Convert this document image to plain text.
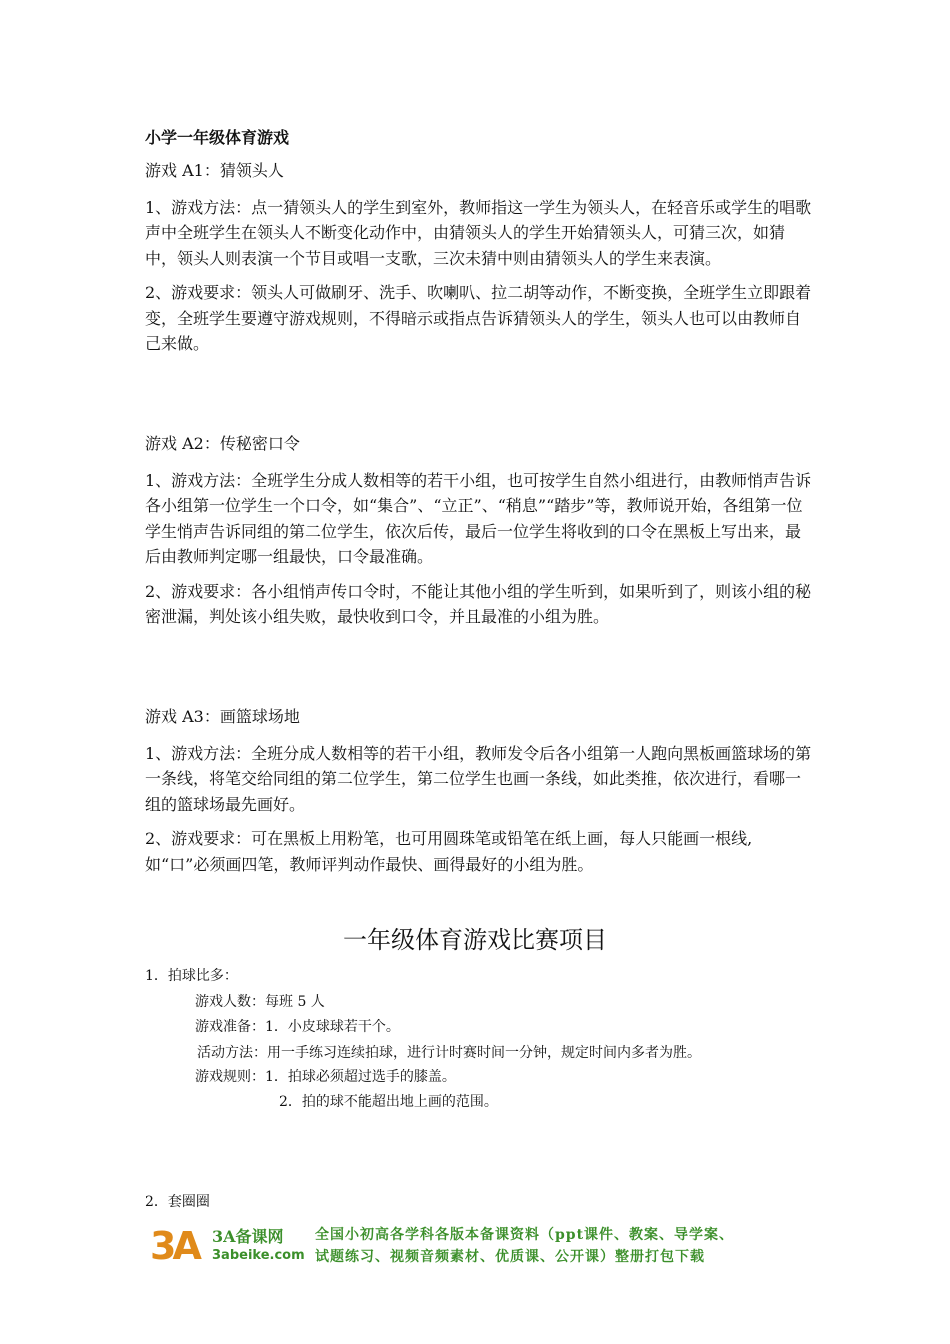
小学一年级体育游戏

游戏 A1：猜领头人

1、游戏方法：点一猜领头人的学生到室外，教师指这一学生为领头人，在轻音乐或学生的唱歌声中全班学生在领头人不断变化动作中，由猜领头人的学生开始猜领头人，可猜三次，如猜中，领头人则表演一个节目或唱一支歌，三次未猜中则由猜领头人的学生来表演。

2、游戏要求：领头人可做刷牙、洗手、吹喇叭、拉二胡等动作，不断变换，全班学生立即跟着变，全班学生要遵守游戏规则，不得暗示或指点告诉猜领头人的学生，领头人也可以由教师自己来做。

游戏 A2：传秘密口令

1、游戏方法：全班学生分成人数相等的若干小组，也可按学生自然小组进行，由教师悄声告诉各小组第一位学生一个口令，如“集合”、“立正”、“稍息”“踏步”等，教师说开始，各组第一位学生悄声告诉同组的第二位学生，依次后传，最后一位学生将收到的口令在黑板上写出来，最后由教师判定哪一组最快，口令最准确。

2、游戏要求：各小组悄声传口令时，不能让其他小组的学生听到，如果听到了，则该小组的秘密泄漏，判处该小组失败，最快收到口令，并且最准的小组为胜。

游戏 A3：画篮球场地

1、游戏方法：全班分成人数相等的若干小组，教师发令后各小组第一人跑向黑板画篮球场的第一条线，将笔交给同组的第二位学生，第二位学生也画一条线，如此类推，依次进行，看哪一组的篮球场最先画好。

2、游戏要求：可在黑板上用粉笔，也可用圆珠笔或铅笔在纸上画，每人只能画一根线,如“口”必须画四笔，教师评判动作最快、画得最好的小组为胜。

一年级体育游戏比赛项目
1．拍球比多：
游戏人数：每班 5 人
游戏准备：1．小皮球球若干个。
活动方法：用一手练习连续拍球，进行计时赛时间一分钟，规定时间内多者为胜。
游戏规则：1．拍球必须超过选手的膝盖。
2．拍的球不能超出地上画的范围。
2．套圈圈
3A 3A备课网
3abeike.com
全国小初高各学科各版本备课资料（ppt课件、教案、导学案、
试题练习、视频音频素材、优质课、公开课）整册打包下载
